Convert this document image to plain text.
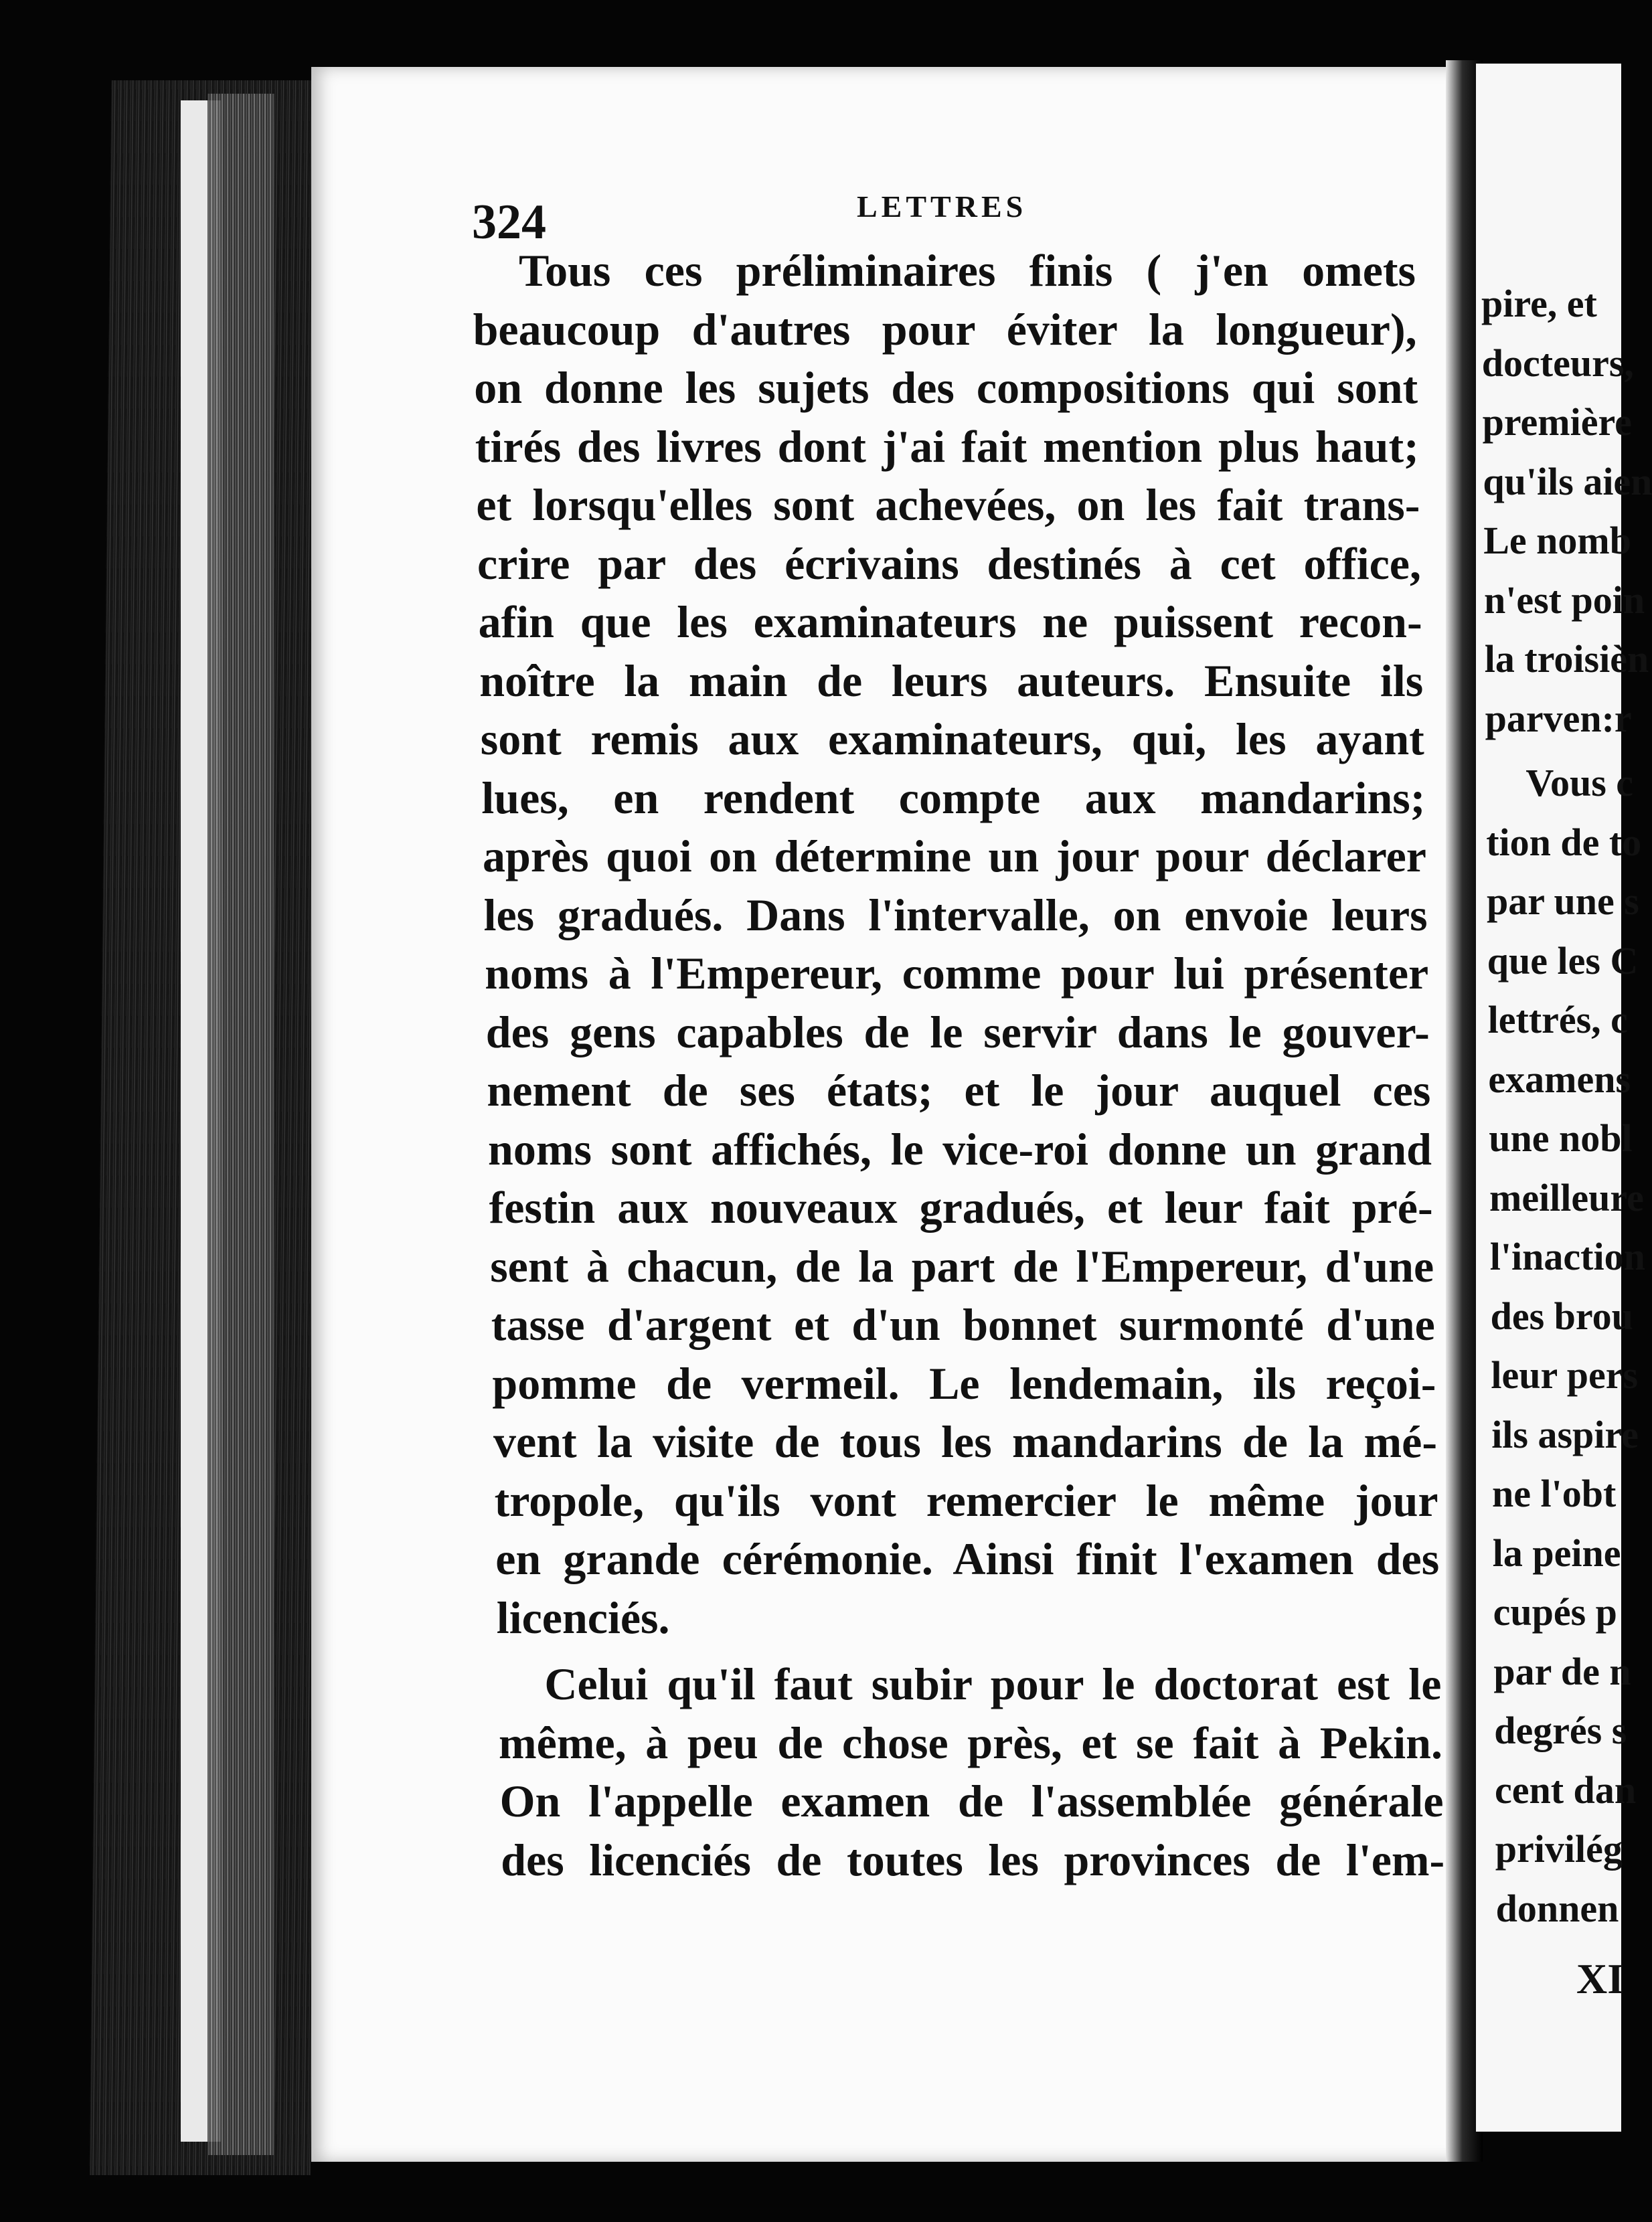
pire, et
docteurs,
première
qu'ils aien
Le nomb
n'est poin
la troisièn
parven:r
Vous c
tion de to
par une s
que les C
lettrés, c
examens
une nobl
meilleure
l'inaction
des brou
leur pers
ils aspire
ne l'obt
la peine
cupés p
par de n
degrés s
cent dan
privilég
donnen
324	LETTRES
Tous ces préliminaires finis ( j'en omets
beaucoup d'autres pour éviter la longueur),
on donne les sujets des compositions qui sont
tirés des livres dont j'ai fait mention plus haut;
et lorsqu'elles sont achevées, on les fait trans-
crire par des écrivains destinés à cet office,
afin que les examinateurs ne puissent recon-
noître la main de leurs auteurs. Ensuite ils
sont remis aux examinateurs, qui, les ayant
lues, en rendent compte aux mandarins;
après quoi on détermine un jour pour déclarer
les gradués. Dans l'intervalle, on envoie leurs
noms à l'Empereur, comme pour lui présenter
des gens capables de le servir dans le gouver-
nement de ses états; et le jour auquel ces
noms sont affichés, le vice-roi donne un grand
festin aux nouveaux gradués, et leur fait pré-
sent à chacun, de la part de l'Empereur, d'une
tasse d'argent et d'un bonnet surmonté d'une
pomme de vermeil. Le lendemain, ils reçoi-
vent la visite de tous les mandarins de la mé-
tropole, qu'ils vont remercier le même jour
en grande cérémonie. Ainsi finit l'examen des
licenciés.
Celui qu'il faut subir pour le doctorat est le
même, à peu de chose près, et se fait à Pekin.
On l'appelle examen de l'assemblée générale
des licenciés de toutes les provinces de l'em-
XI
